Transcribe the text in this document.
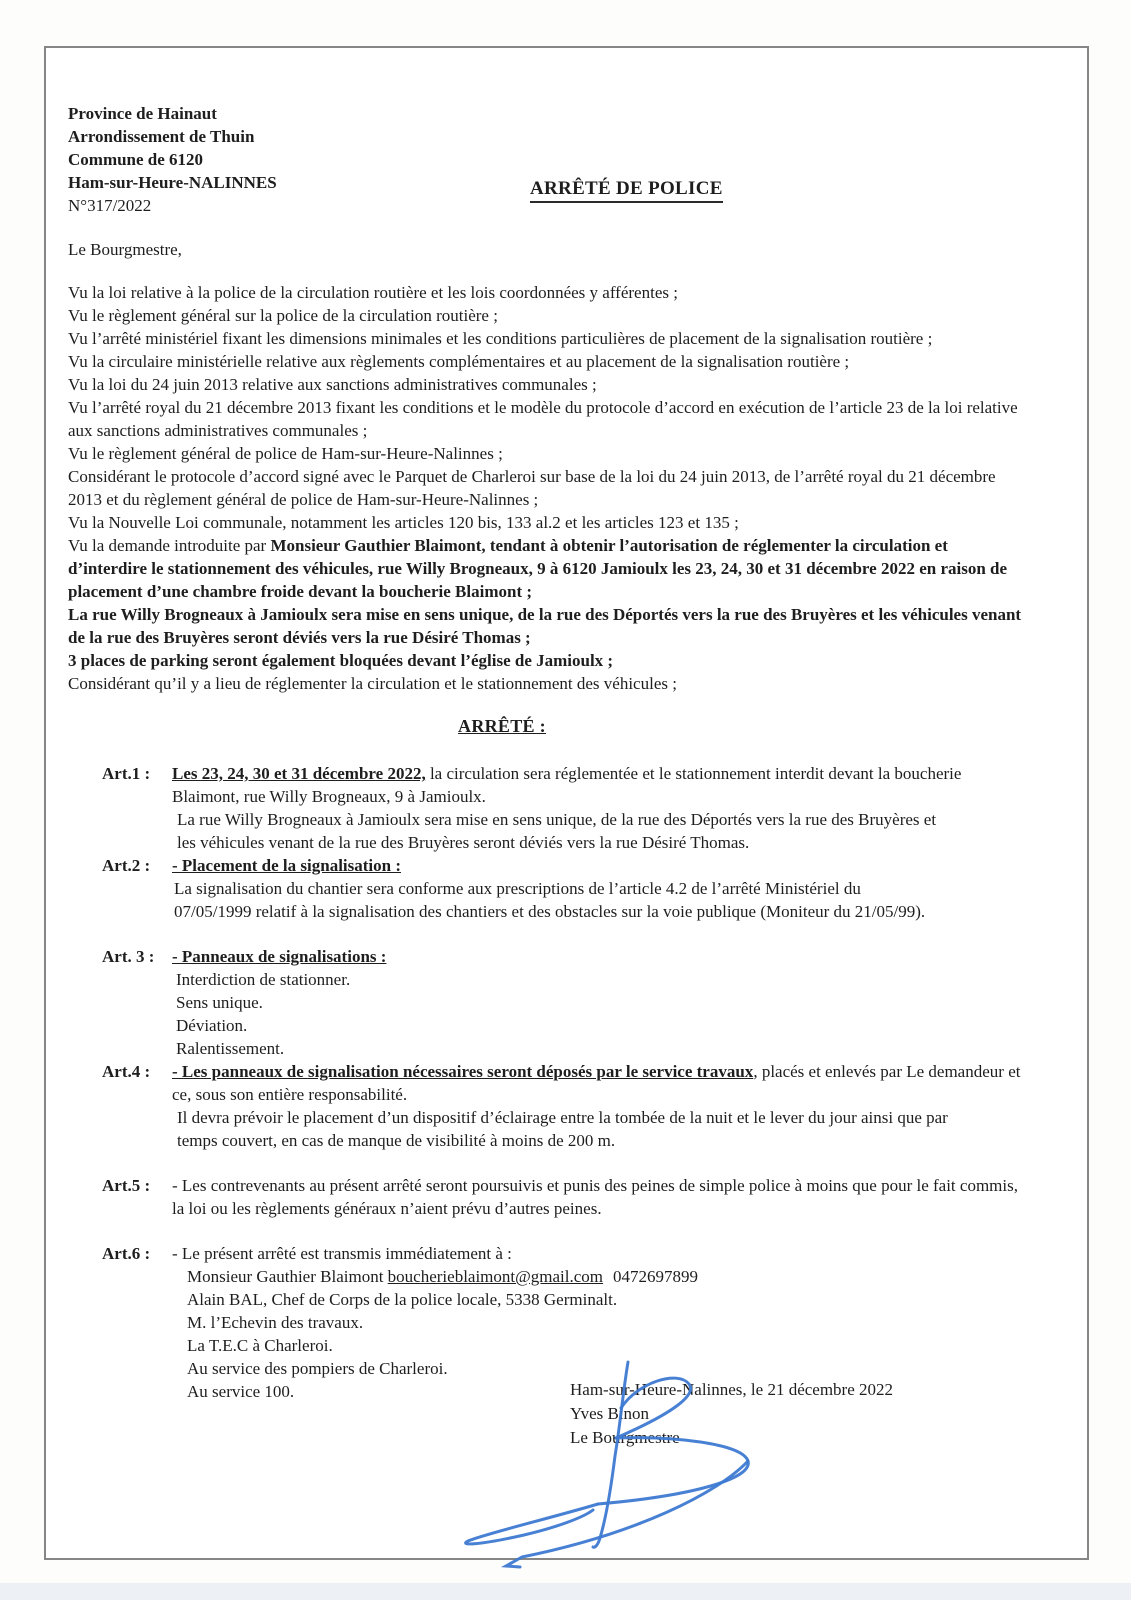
ARRÊTÉ DE POLICE

Province de Hainaut

Arrondissement de Thuin

Commune de 6120

Ham-sur-Heure-NALINNES

N°317/2022

Le Bourgmestre,

Vu la loi relative à la police de la circulation routière et les lois coordonnées y afférentes ;

Vu le règlement général sur la police de la circulation routière ;

Vu l’arrêté ministériel fixant les dimensions minimales et les conditions particulières de placement de la signalisation routière ;

Vu la circulaire ministérielle relative aux règlements complémentaires et au placement de la signalisation routière ;

Vu la loi du 24 juin 2013 relative aux sanctions administratives communales ;

Vu l’arrêté royal du 21 décembre 2013 fixant les conditions et le modèle du protocole d’accord en exécution de l’article 23 de la loi relative aux sanctions administratives communales ;

Vu le règlement général de police de Ham-sur-Heure-Nalinnes ;

Considérant le protocole d’accord signé avec le Parquet de Charleroi sur base de la loi du 24 juin 2013, de l’arrêté royal du 21 décembre 2013 et du règlement général de police de Ham-sur-Heure-Nalinnes ;

Vu la Nouvelle Loi communale, notamment les articles 120 bis, 133 al.2 et les articles 123 et 135 ;

Vu la demande introduite par Monsieur Gauthier Blaimont, tendant à obtenir l’autorisation de réglementer la circulation et d’interdire le stationnement des véhicules, rue Willy Brogneaux, 9 à 6120 Jamioulx les 23, 24, 30 et 31 décembre 2022 en raison de placement d’une chambre froide devant la boucherie Blaimont ;

La rue Willy Brogneaux à Jamioulx sera mise en sens unique, de la rue des Déportés vers la rue des Bruyères et les véhicules venant de la rue des Bruyères seront déviés vers la rue Désiré Thomas ;

3 places de parking seront également bloquées devant l’église de Jamioulx ;

Considérant qu’il y a lieu de réglementer la circulation et le stationnement des véhicules ;

ARRÊTÉ :
Art.1 :	Les 23, 24, 30 et 31 décembre 2022, la circulation sera réglementée et le stationnement interdit devant la boucherie Blaimont, rue Willy Brogneaux, 9 à Jamioulx.

La rue Willy Brogneaux à Jamioulx sera mise en sens unique, de la rue des Déportés vers la rue des Bruyères et les véhicules venant de la rue des Bruyères seront déviés vers la rue Désiré Thomas.

Art.2 :	- Placement de la signalisation :

La signalisation du chantier sera conforme aux prescriptions de l’article 4.2 de l’arrêté Ministériel du 07/05/1999 relatif à la signalisation des chantiers et des obstacles sur la voie publique (Moniteur du 21/05/99).

Art. 3 :	- Panneaux de signalisations :

Interdiction de stationner.

Sens unique.

Déviation.

Ralentissement.

Art.4 :	- Les panneaux de signalisation nécessaires seront déposés par le service travaux, placés et enlevés par Le demandeur et ce, sous son entière responsabilité.

Il devra prévoir le placement d’un dispositif d’éclairage entre la tombée de la nuit et le lever du jour ainsi que par temps couvert, en cas de manque de visibilité à moins de 200 m.

Art.5 :	- Les contrevenants au présent arrêté seront poursuivis et punis des peines de simple police à moins que pour le fait commis, la loi ou les règlements généraux n’aient prévu d’autres peines.

Art.6 :	- Le présent arrêté est transmis immédiatement à :

Monsieur Gauthier Blaimont boucherieblaimont@gmail.com 0472697899

Alain BAL, Chef de Corps de la police locale, 5338 Germinalt.

M. l’Echevin des travaux.

La T.E.C à Charleroi.

Au service des pompiers de Charleroi.

Au service 100.	Ham-sur-Heure-Nalinnes, le 21 décembre 2022

Yves Binon

Le Bourgmestre
